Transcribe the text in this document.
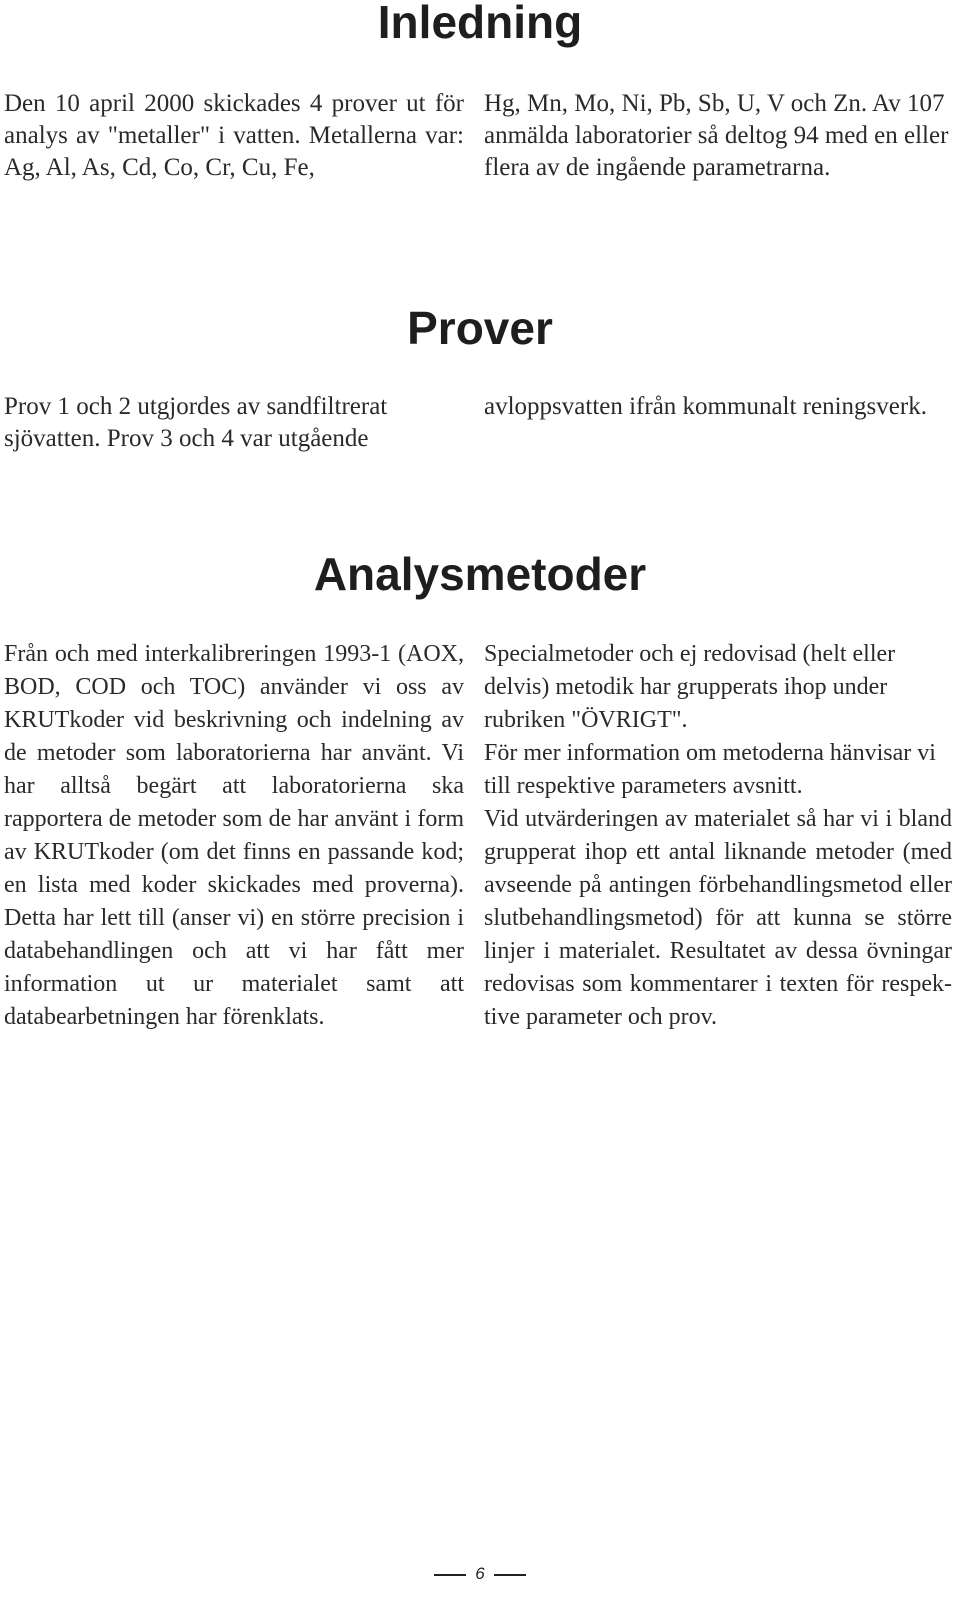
Inledning

Den 10 april 2000 skickades 4 prover ut för analys av "metaller" i vatten. Metallerna var: Ag, Al, As, Cd, Co, Cr, Cu, Fe,

Hg, Mn, Mo, Ni, Pb, Sb, U, V och Zn. Av 107 anmälda laboratorier så deltog 94 med en eller flera av de ingående parametrarna.

Prover

Prov 1 och 2 utgjordes av sandfiltrerat sjövatten. Prov 3 och 4 var utgående

avloppsvatten ifrån kommunalt reningsverk.

Analysmetoder

Från och med interkalibreringen 1993-1 (AOX, BOD, COD och TOC) använder vi oss av KRUTkoder vid beskrivning och indelning av de metoder som laboratorierna har använt. Vi har alltså begärt att laboratorierna ska rapportera de metoder som de har använt i form av KRUTkoder (om det finns en passande kod; en lista med koder skickades med proverna). Detta har lett till (anser vi) en större precision i databehandlingen och att vi har fått mer information ut ur materialet samt att databearbetningen har förenklats.

Specialmetoder och ej redovisad (helt eller delvis) metodik har grupperats ihop under rubriken "ÖVRIGT".

För mer information om metoderna hänvisar vi till respektive parameters avsnitt.

Vid utvärderingen av materialet så har vi i bland grupperat ihop ett antal liknande metoder (med avseende på antingen förbehandlingsmetod eller slutbehandlingsmetod) för att kunna se större linjer i materialet. Resultatet av dessa övningar redovisas som kommentarer i texten för respektive parameter och prov.

6
